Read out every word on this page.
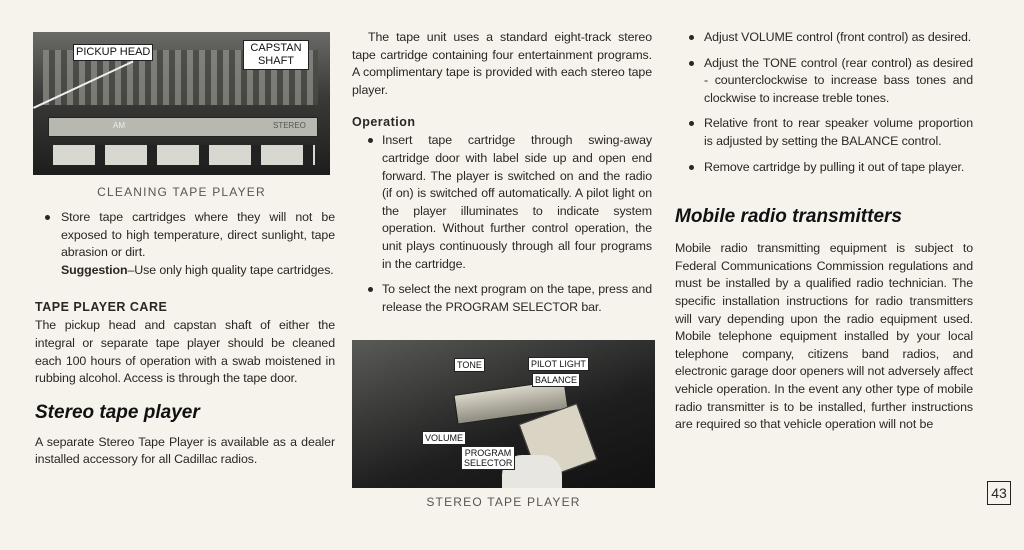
AM	STEREO
PICKUP HEAD	CAPSTAN SHAFT
CLEANING TAPE PLAYER

Store tape cartridges where they will not be exposed to high temperature, direct sunlight, tape abrasion or dirt.
Suggestion–Use only high quality tape cartridges.

TAPE PLAYER CARE

The pickup head and capstan shaft of either the integral or separate tape player should be cleaned each 100 hours of operation with a swab moistened in rubbing alcohol. Access is through the tape door.

Stereo tape player

A separate Stereo Tape Player is available as a dealer installed accessory for all Cadillac radios.

The tape unit uses a standard eight-track stereo tape cartridge containing four entertainment programs. A complimentary tape is provided with each stereo tape player.

Operation

Insert tape cartridge through swing-away cartridge door with label side up and open end forward. The player is switched on and the radio (if on) is switched off automatically. A pilot light on the player illuminates to indicate system operation. Without further control operation, the unit plays continuously through all four programs in the cartridge.

To select the next program on the tape, press and release the PROGRAM SELECTOR bar.

TONE	PILOT LIGHT
BALANCE
VOLUME
PROGRAM SELECTOR
STEREO TAPE PLAYER

Adjust VOLUME control (front control) as desired.

Adjust the TONE control (rear control) as desired - counterclockwise to increase bass tones and clockwise to increase treble tones.

Relative front to rear speaker volume proportion is adjusted by setting the BALANCE control.

Remove cartridge by pulling it out of tape player.

Mobile radio transmitters

Mobile radio transmitting equipment is subject to Federal Communications Commission regulations and must be installed by a qualified radio technician. The specific installation instructions for radio transmitters will vary depending upon the radio equipment used. Mobile telephone equipment installed by your local telephone company, citizens band radios, and electronic garage door openers will not adversely affect vehicle operation. In the event any other type of mobile radio transmitter is to be installed, further instructions are required so that vehicle operation will not be

43
